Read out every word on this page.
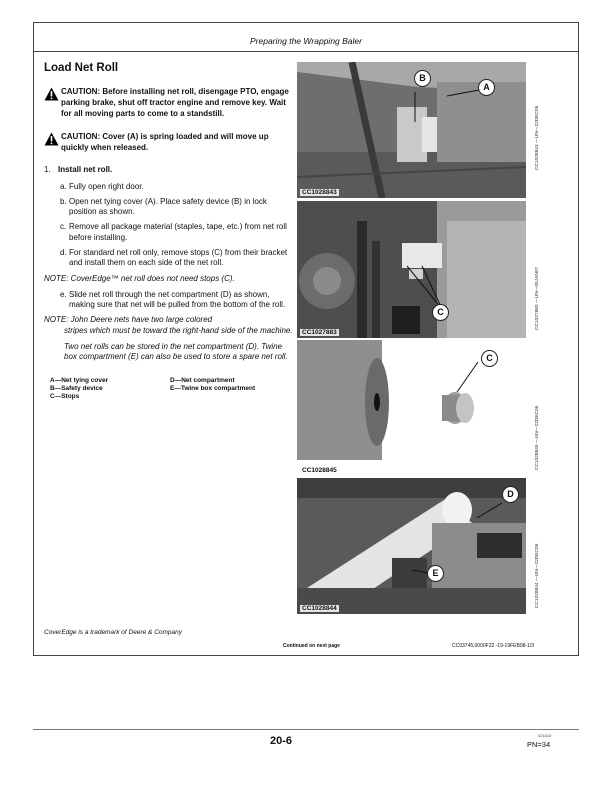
Preparing the Wrapping Baler
Load Net Roll
CAUTION: Before installing net roll, disengage PTO, engage parking brake, shut off tractor engine and remove key. Wait for all moving parts to come to a standstill.
CAUTION: Cover (A) is spring loaded and will move up quickly when released.
1. Install net roll.
a. Fully open right door.
b. Open net tying cover (A). Place safety device (B) in lock position as shown.
c. Remove all package material (staples, tape, etc.) from net roll before installing.
d. For standard net roll only, remove stops (C) from their bracket and install them on each side of the net roll.
NOTE: CoverEdge™ net roll does not need stops (C).
e. Slide net roll through the net compartment (D) as shown, making sure that net will be pulled from the bottom of the roll.
NOTE: John Deere nets have two large colored
stripes which must be toward the right-hand side of the machine.
Two net rolls can be stored in the net compartment (D). Twine box compartment (E) can also be used to store a spare net roll.
A—Net tying cover	D—Net compartment
B—Safety device	E—Twine box compartment
C—Stops
B
A
CC1028843
CC1028843 —UN—22DEC06
C
CC1027883
CC1027883 —UN—05JAN07
C
CC1028845
CC1028845 —UN—22DEC06
D
E
CC1028844
CC1028844 —UN—22DEC06
CoverEdge is a trademark of Deere & Company
Continued on next page	CC03745,0000F22 -19-19FEB08-1/3
20-6	021610
PN=34
